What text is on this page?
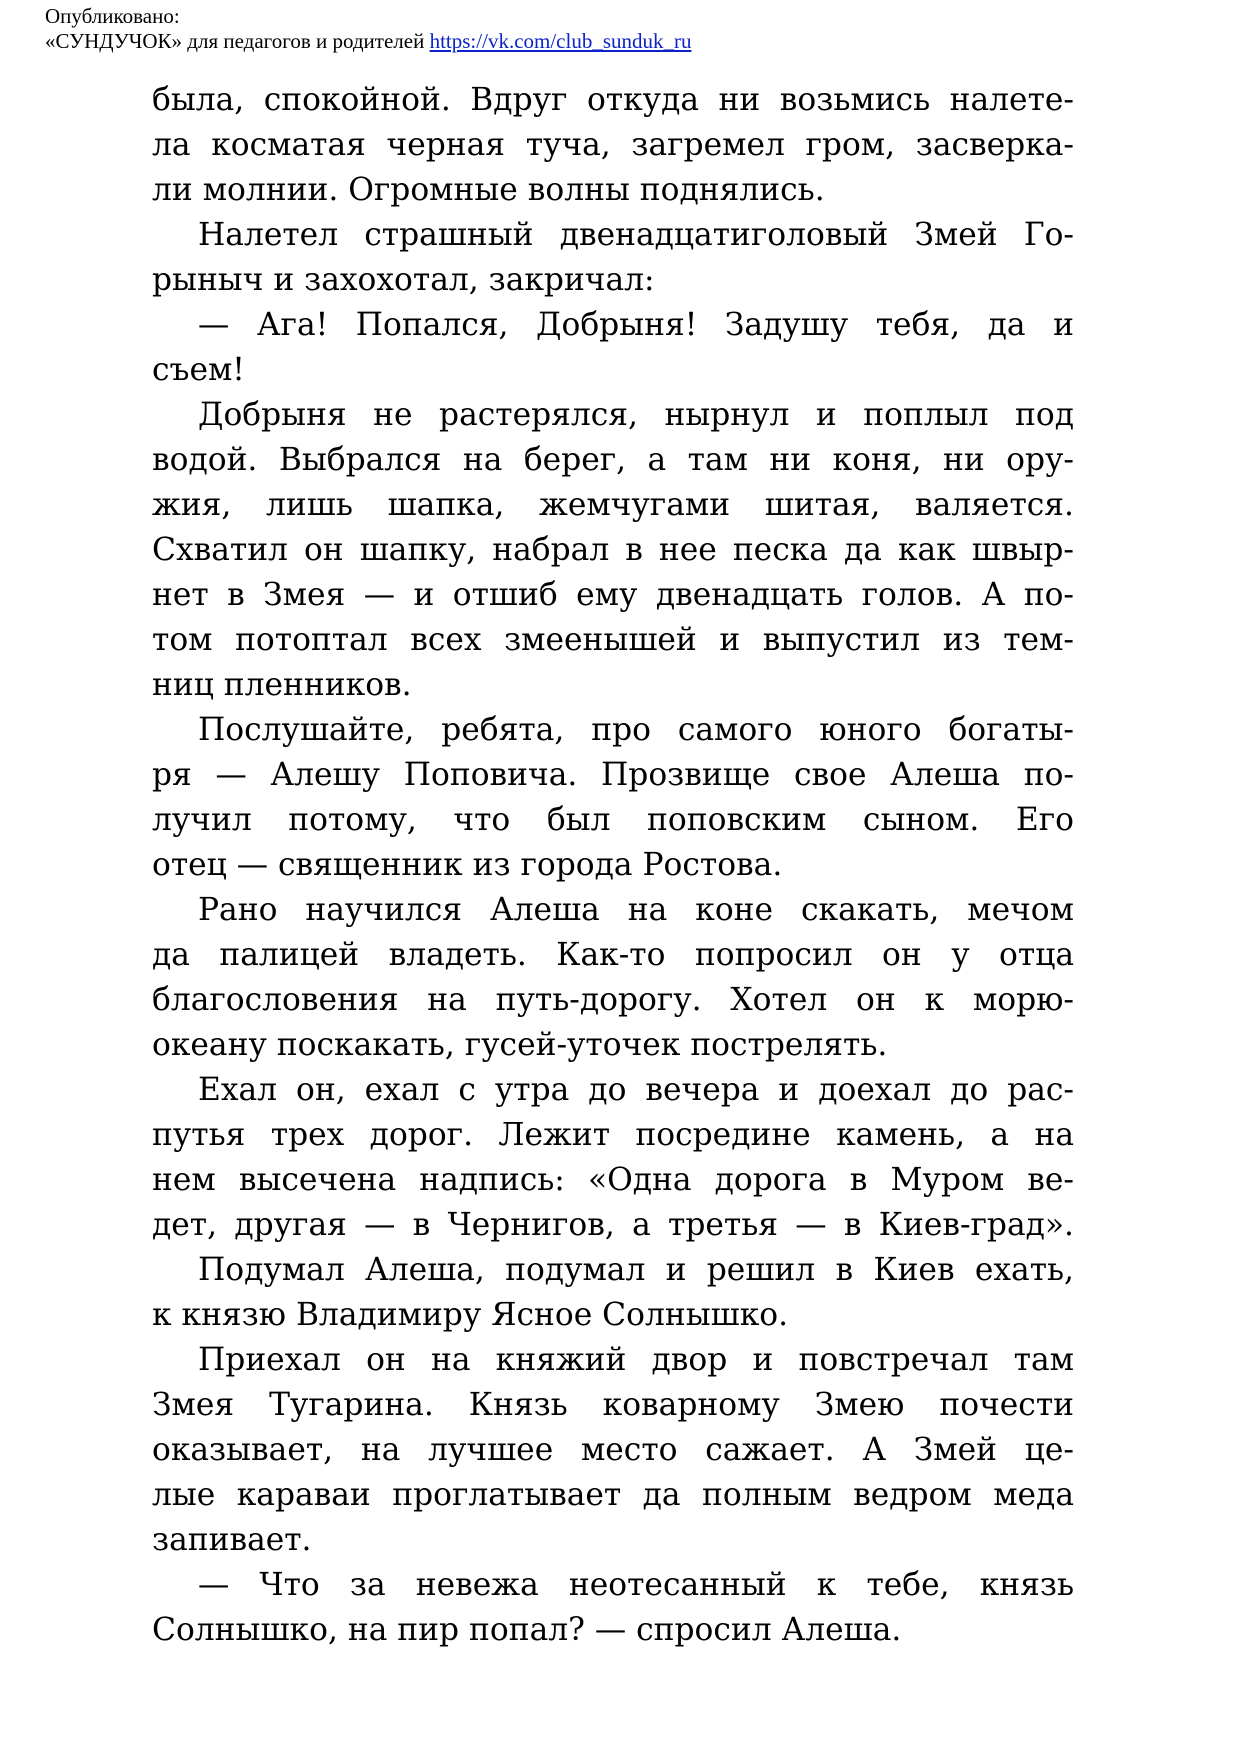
Опубликовано:
«СУНДУЧОК» для педагогов и родителей https://vk.com/club_sunduk_ru
была, спокойной. Вдруг откуда ни возьмись налете-
ла косматая черная туча, загремел гром, засверка-
ли молнии. Огромные волны поднялись.
Налетел страшный двенадцатиголовый Змей Го-
рыныч и захохотал, закричал:
— Ага! Попался, Добрыня! Задушу тебя, да и
съем!
Добрыня не растерялся, нырнул и поплыл под
водой. Выбрался на берег, а там ни коня, ни ору-
жия, лишь шапка, жемчугами шитая, валяется.
Схватил он шапку, набрал в нее песка да как швыр-
нет в Змея — и отшиб ему двенадцать голов. А по-
том потоптал всех змеенышей и выпустил из тем-
ниц пленников.
Послушайте, ребята, про самого юного богаты-
ря — Алешу Поповича. Прозвище свое Алеша по-
лучил потому, что был поповским сыном. Его
отец — священник из города Ростова.
Рано научился Алеша на коне скакать, мечом
да палицей владеть. Как-то попросил он у отца
благословения на путь-дорогу. Хотел он к морю-
океану поскакать, гусей-уточек пострелять.
Ехал он, ехал с утра до вечера и доехал до рас-
путья трех дорог. Лежит посредине камень, а на
нем высечена надпись: «Одна дорога в Муром ве-
дет, другая — в Чернигов, а третья — в Киев-град».
Подумал Алеша, подумал и решил в Киев ехать,
к князю Владимиру Ясное Солнышко.
Приехал он на княжий двор и повстречал там
Змея Тугарина. Князь коварному Змею почести
оказывает, на лучшее место сажает. А Змей це-
лые караваи проглатывает да полным ведром меда
запивает.
— Что за невежа неотесанный к тебе, князь
Солнышко, на пир попал? — спросил Алеша.
